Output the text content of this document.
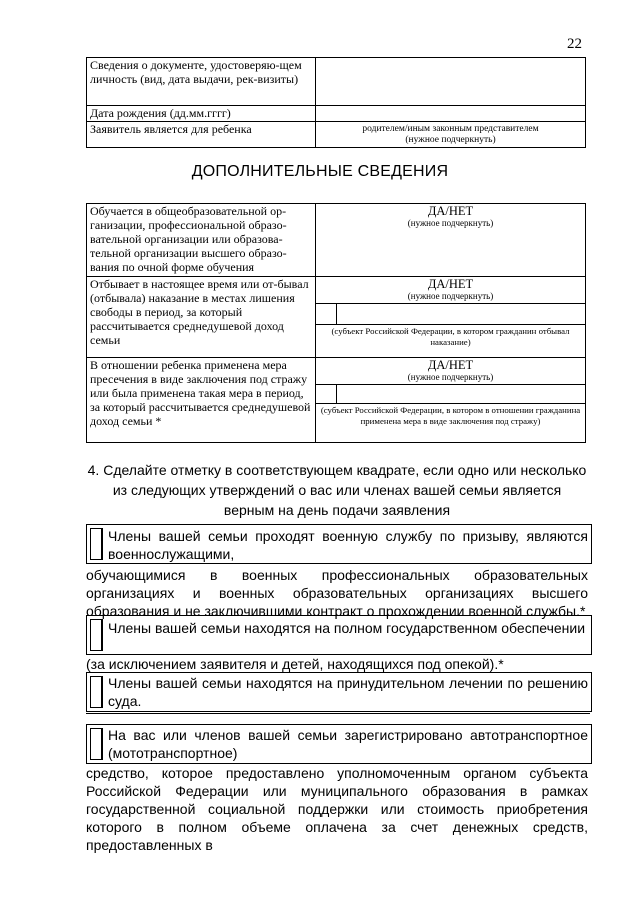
22
Сведения о документе, удостоверяю-щем личность (вид, дата выдачи, рек-визиты)	
Дата рождения (дд.мм.гггг)	
Заявитель является для ребенка	родителем/иным законным представителем
(нужное подчеркнуть)
ДОПОЛНИТЕЛЬНЫЕ СВЕДЕНИЯ
Обучается в общеобразовательной ор-ганизации, профессиональной образо-вательной организации или образова-тельной организации высшего образо-вания по очной форме обучения	ДА/НЕТ
(нужное подчеркнуть)

Отбывает в настоящее время или от-бывал (отбывала) наказание в местах лишения свободы в период, за который рассчитывается среднедушевой доход семьи	ДА/НЕТ
(нужное подчеркнуть)
(субъект Российской Федерации, в котором гражданин отбывал наказание)

В отношении ребенка применена мера пресечения в виде заключения под стражу или была применена такая мера в период, за который рассчитывается среднедушевой доход семьи *	ДА/НЕТ
(нужное подчеркнуть)
(субъект Российской Федерации, в котором в отношении гражданина применена мера в виде заключения под стражу)
4. Сделайте отметку в соответствующем квадрате, если одно или несколько из следующих утверждений о вас или членах вашей семьи является верным на день подачи заявления
Члены вашей семьи проходят военную службу по призыву, являются военнослужащими,
обучающимися в военных профессиональных образовательных организациях и военных образовательных организациях высшего образования и не заключившими контракт о прохождении военной службы.*
Члены вашей семьи находятся на полном государственном обеспечении
(за исключением заявителя и детей, находящихся под опекой).*
Члены вашей семьи находятся на принудительном лечении по решению суда.
На вас или членов вашей семьи зарегистрировано автотранспортное (мототранспортное)
средство, которое предоставлено уполномоченным органом субъекта Российской Федерации или муниципального образования в рамках государственной социальной поддержки или стоимость приобретения которого в полном объеме оплачена за счет денежных средств, предоставленных в
